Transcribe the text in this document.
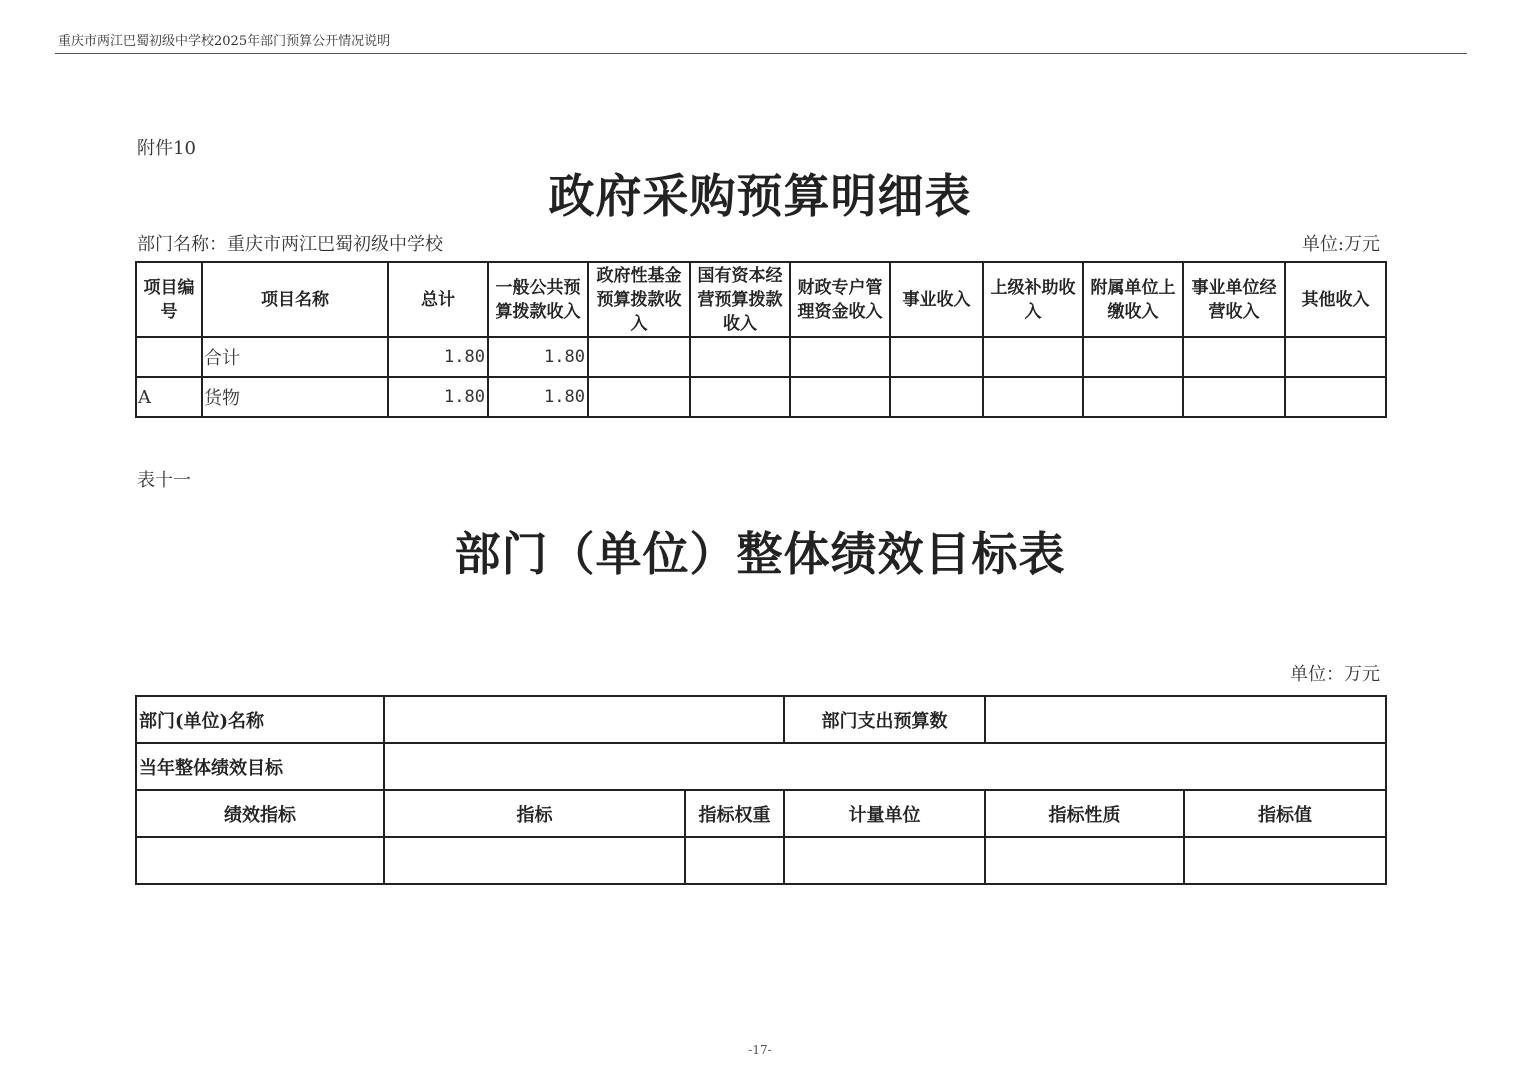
重庆市两江巴蜀初级中学校2025年部门预算公开情况说明
附件10
政府采购预算明细表
部门名称：重庆市两江巴蜀初级中学校	单位:万元
项目编号	项目名称	总计	一般公共预算拨款收入	政府性基金预算拨款收入	国有资本经营预算拨款收入	财政专户管理资金收入	事业收入	上级补助收入	附属单位上缴收入	事业单位经营收入	其他收入
	合计	1.80	1.80								
A	货物	1.80	1.80								
表十一
部门（单位）整体绩效目标表
单位：万元
部门(单位)名称			部门支出预算数		
当年整体绩效目标					
绩效指标	指标	指标权重	计量单位	指标性质	指标值

-17-
